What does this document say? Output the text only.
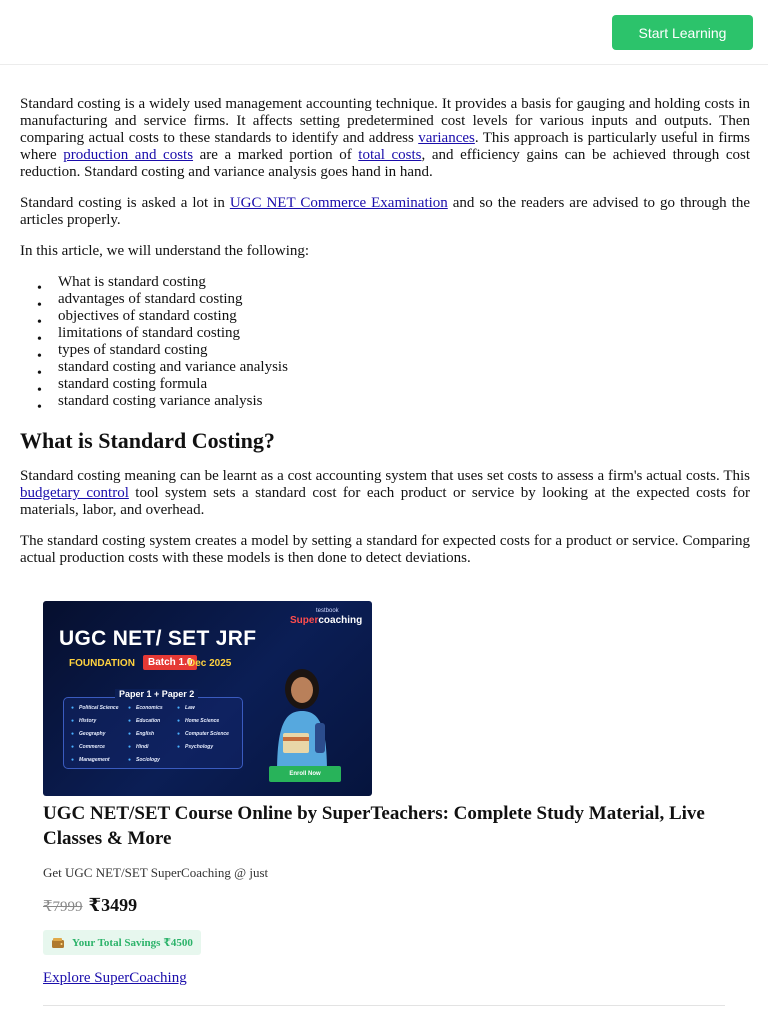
Start Learning

Standard costing is a widely used management accounting technique. It provides a basis for gauging and holding costs in manufacturing and service firms. It affects setting predetermined cost levels for various inputs and outputs. Then comparing actual costs to these standards to identify and address variances. This approach is particularly useful in firms where production and costs are a marked portion of total costs, and efficiency gains can be achieved through cost reduction. Standard costing and variance analysis goes hand in hand.

Standard costing is asked a lot in UGC NET Commerce Examination and so the readers are advised to go through the articles properly.

In this article, we will understand the following:

• What is standard costing
• advantages of standard costing
• objectives of standard costing
• limitations of standard costing
• types of standard costing
• standard costing and variance analysis
• standard costing formula
• standard costing variance analysis
What is Standard Costing?

Standard costing meaning can be learnt as a cost accounting system that uses set costs to assess a firm's actual costs. This budgetary control tool system sets a standard cost for each product or service by looking at the expected costs for materials, labor, and overhead.

The standard costing system creates a model by setting a standard for expected costs for a product or service. Comparing actual production costs with these models is then done to detect deviations.

testbook
Supercoaching
UGC NET/ SET JRF
FOUNDATION	Batch 1.0
Dec 2025
Paper 1 + Paper 2
● Political Science
● History
● Geography
● Commerce
● Management
● Economics
● Education
● English
● Hindi
● Sociology
● Law
● Home Science
● Computer Science
● Psychology
Enroll Now
UGC NET/SET Course Online by SuperTeachers: Complete Study Material, Live Classes & More
Get UGC NET/SET SuperCoaching @ just
₹7999 ₹3499
Your Total Savings ₹4500
Explore SuperCoaching
